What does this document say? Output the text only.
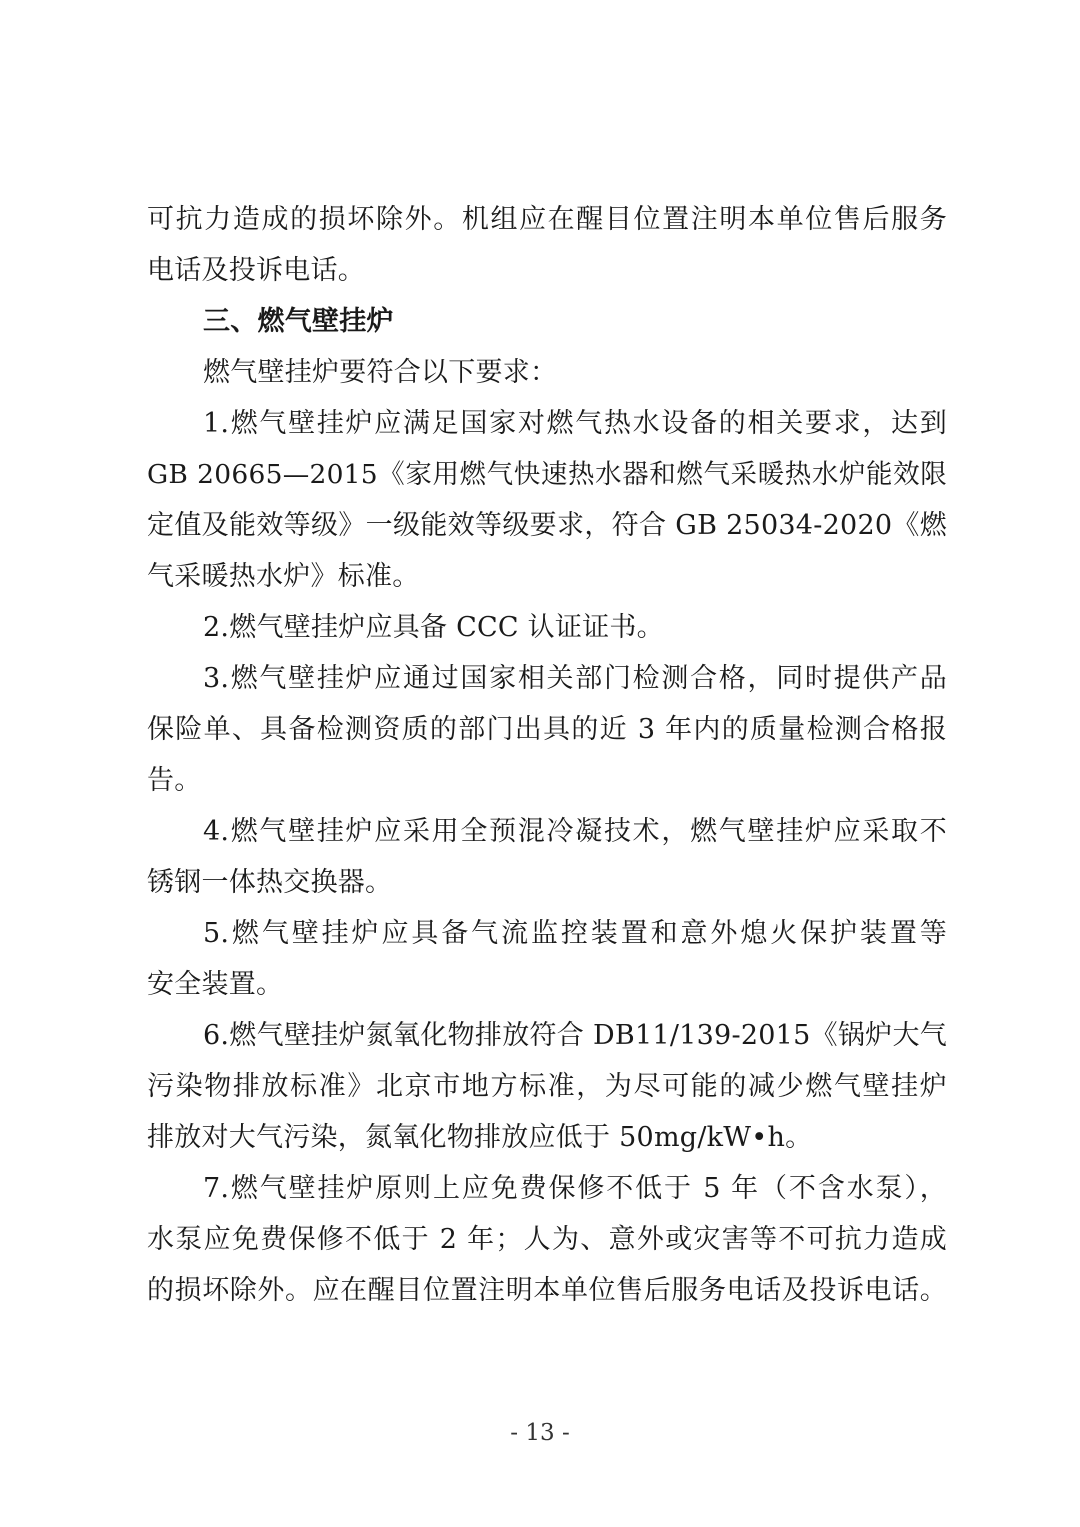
可抗力造成的损坏除外。机组应在醒目位置注明本单位售后服务
电话及投诉电话。
三、燃气壁挂炉
燃气壁挂炉要符合以下要求：
1.燃气壁挂炉应满足国家对燃气热水设备的相关要求，达到
GB 20665—2015《家用燃气快速热水器和燃气采暖热水炉能效限
定值及能效等级》一级能效等级要求，符合 GB 25034-2020《燃
气采暖热水炉》标准。
2.燃气壁挂炉应具备 CCC 认证证书。
3.燃气壁挂炉应通过国家相关部门检测合格，同时提供产品
保险单、具备检测资质的部门出具的近 3 年内的质量检测合格报
告。
4.燃气壁挂炉应采用全预混冷凝技术，燃气壁挂炉应采取不
锈钢一体热交换器。
5.燃气壁挂炉应具备气流监控装置和意外熄火保护装置等
安全装置。
6.燃气壁挂炉氮氧化物排放符合 DB11/139-2015《锅炉大气
污染物排放标准》北京市地方标准，为尽可能的减少燃气壁挂炉
排放对大气污染，氮氧化物排放应低于 50mg/kW•h。
7.燃气壁挂炉原则上应免费保修不低于 5 年（不含水泵），
水泵应免费保修不低于 2 年；人为、意外或灾害等不可抗力造成
的损坏除外。应在醒目位置注明本单位售后服务电话及投诉电话。
- 13 -
